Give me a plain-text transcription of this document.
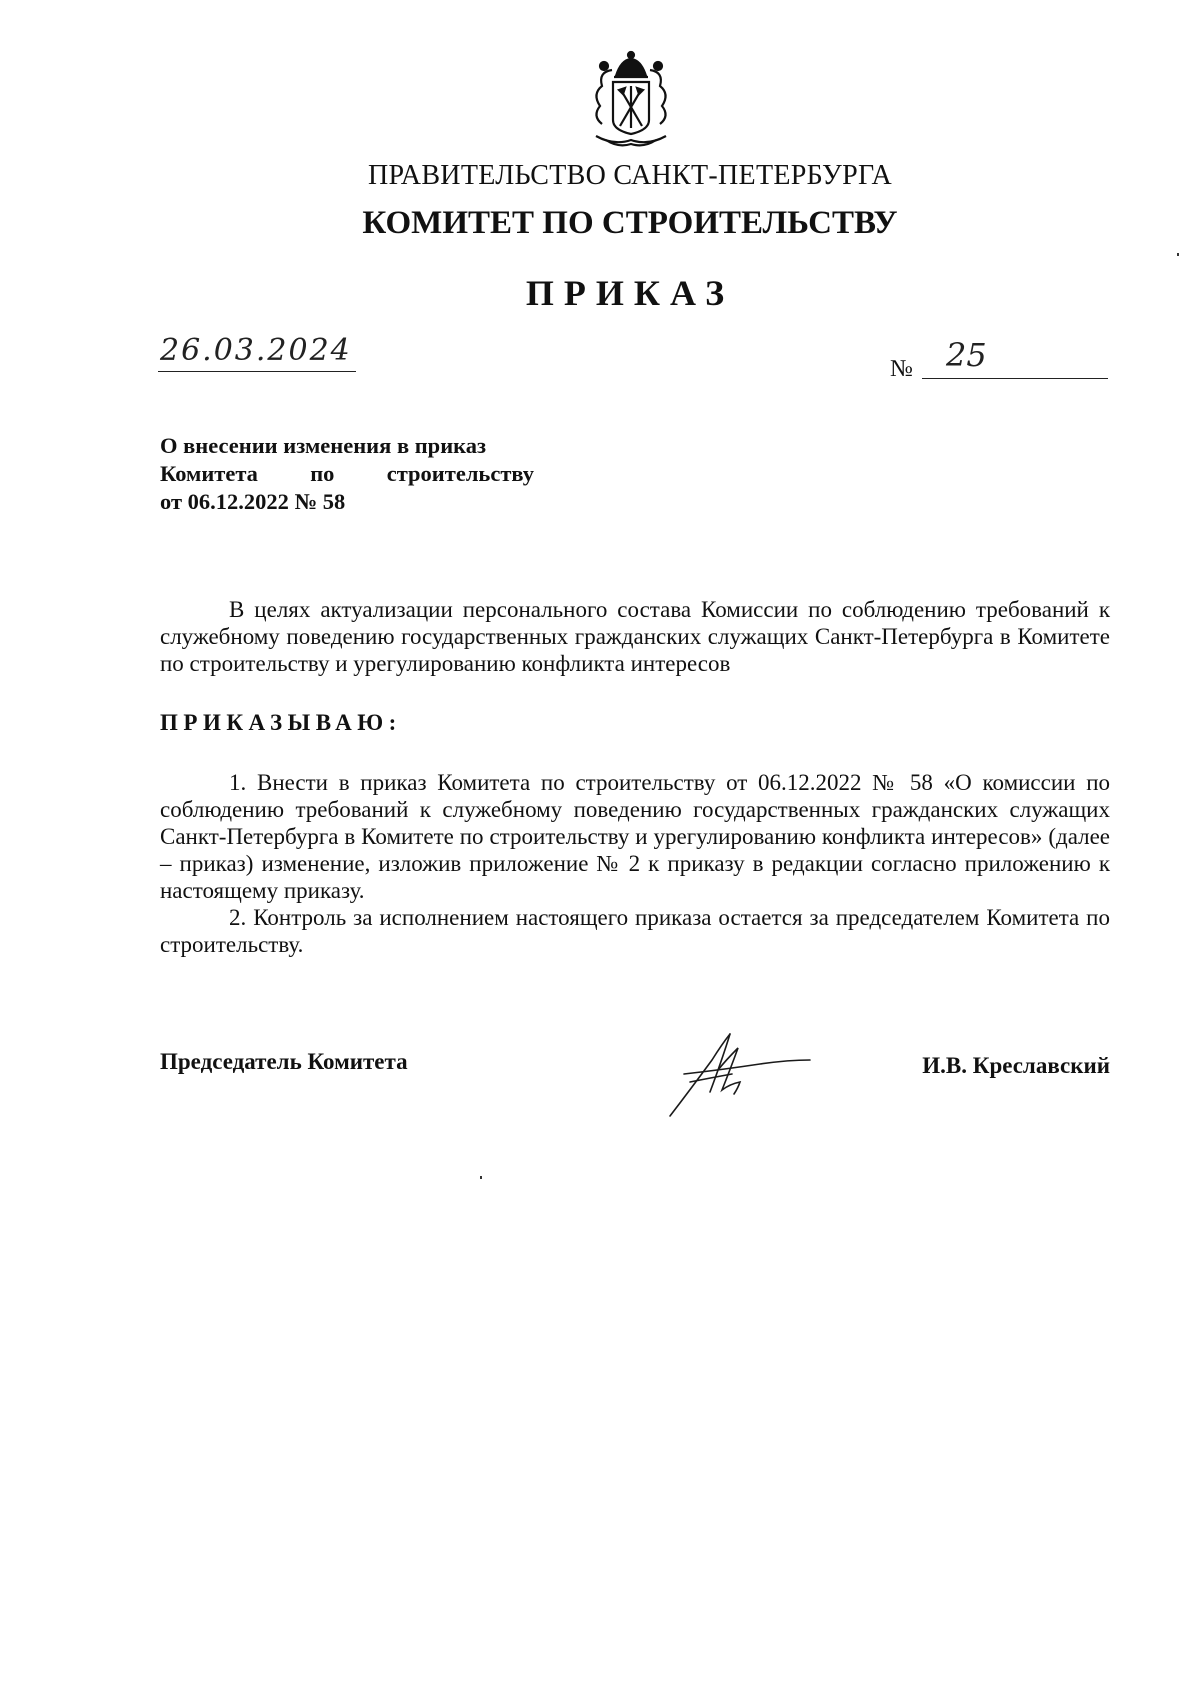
ПРАВИТЕЛЬСТВО САНКТ-ПЕТЕРБУРГА
КОМИТЕТ ПО СТРОИТЕЛЬСТВУ
ПРИКАЗ
26.03.2024
№ 25
О внесении изменения в приказ
Комитета по строительству
от 06.12.2022 № 58

В целях актуализации персонального состава Комиссии по соблюдению требований к служебному поведению государственных гражданских служащих Санкт-Петербурга в Комитете по строительству и урегулированию конфликта интересов

ПРИКАЗЫВАЮ:

1. Внести в приказ Комитета по строительству от 06.12.2022 № 58 «О комиссии по соблюдению требований к служебному поведению государственных гражданских служащих Санкт-Петербурга в Комитете по строительству и урегулированию конфликта интересов» (далее – приказ) изменение, изложив приложение № 2 к приказу в редакции согласно приложению к настоящему приказу.

2. Контроль за исполнением настоящего приказа остается за председателем Комитета по строительству.

Председатель Комитета	И.В. Креславский
